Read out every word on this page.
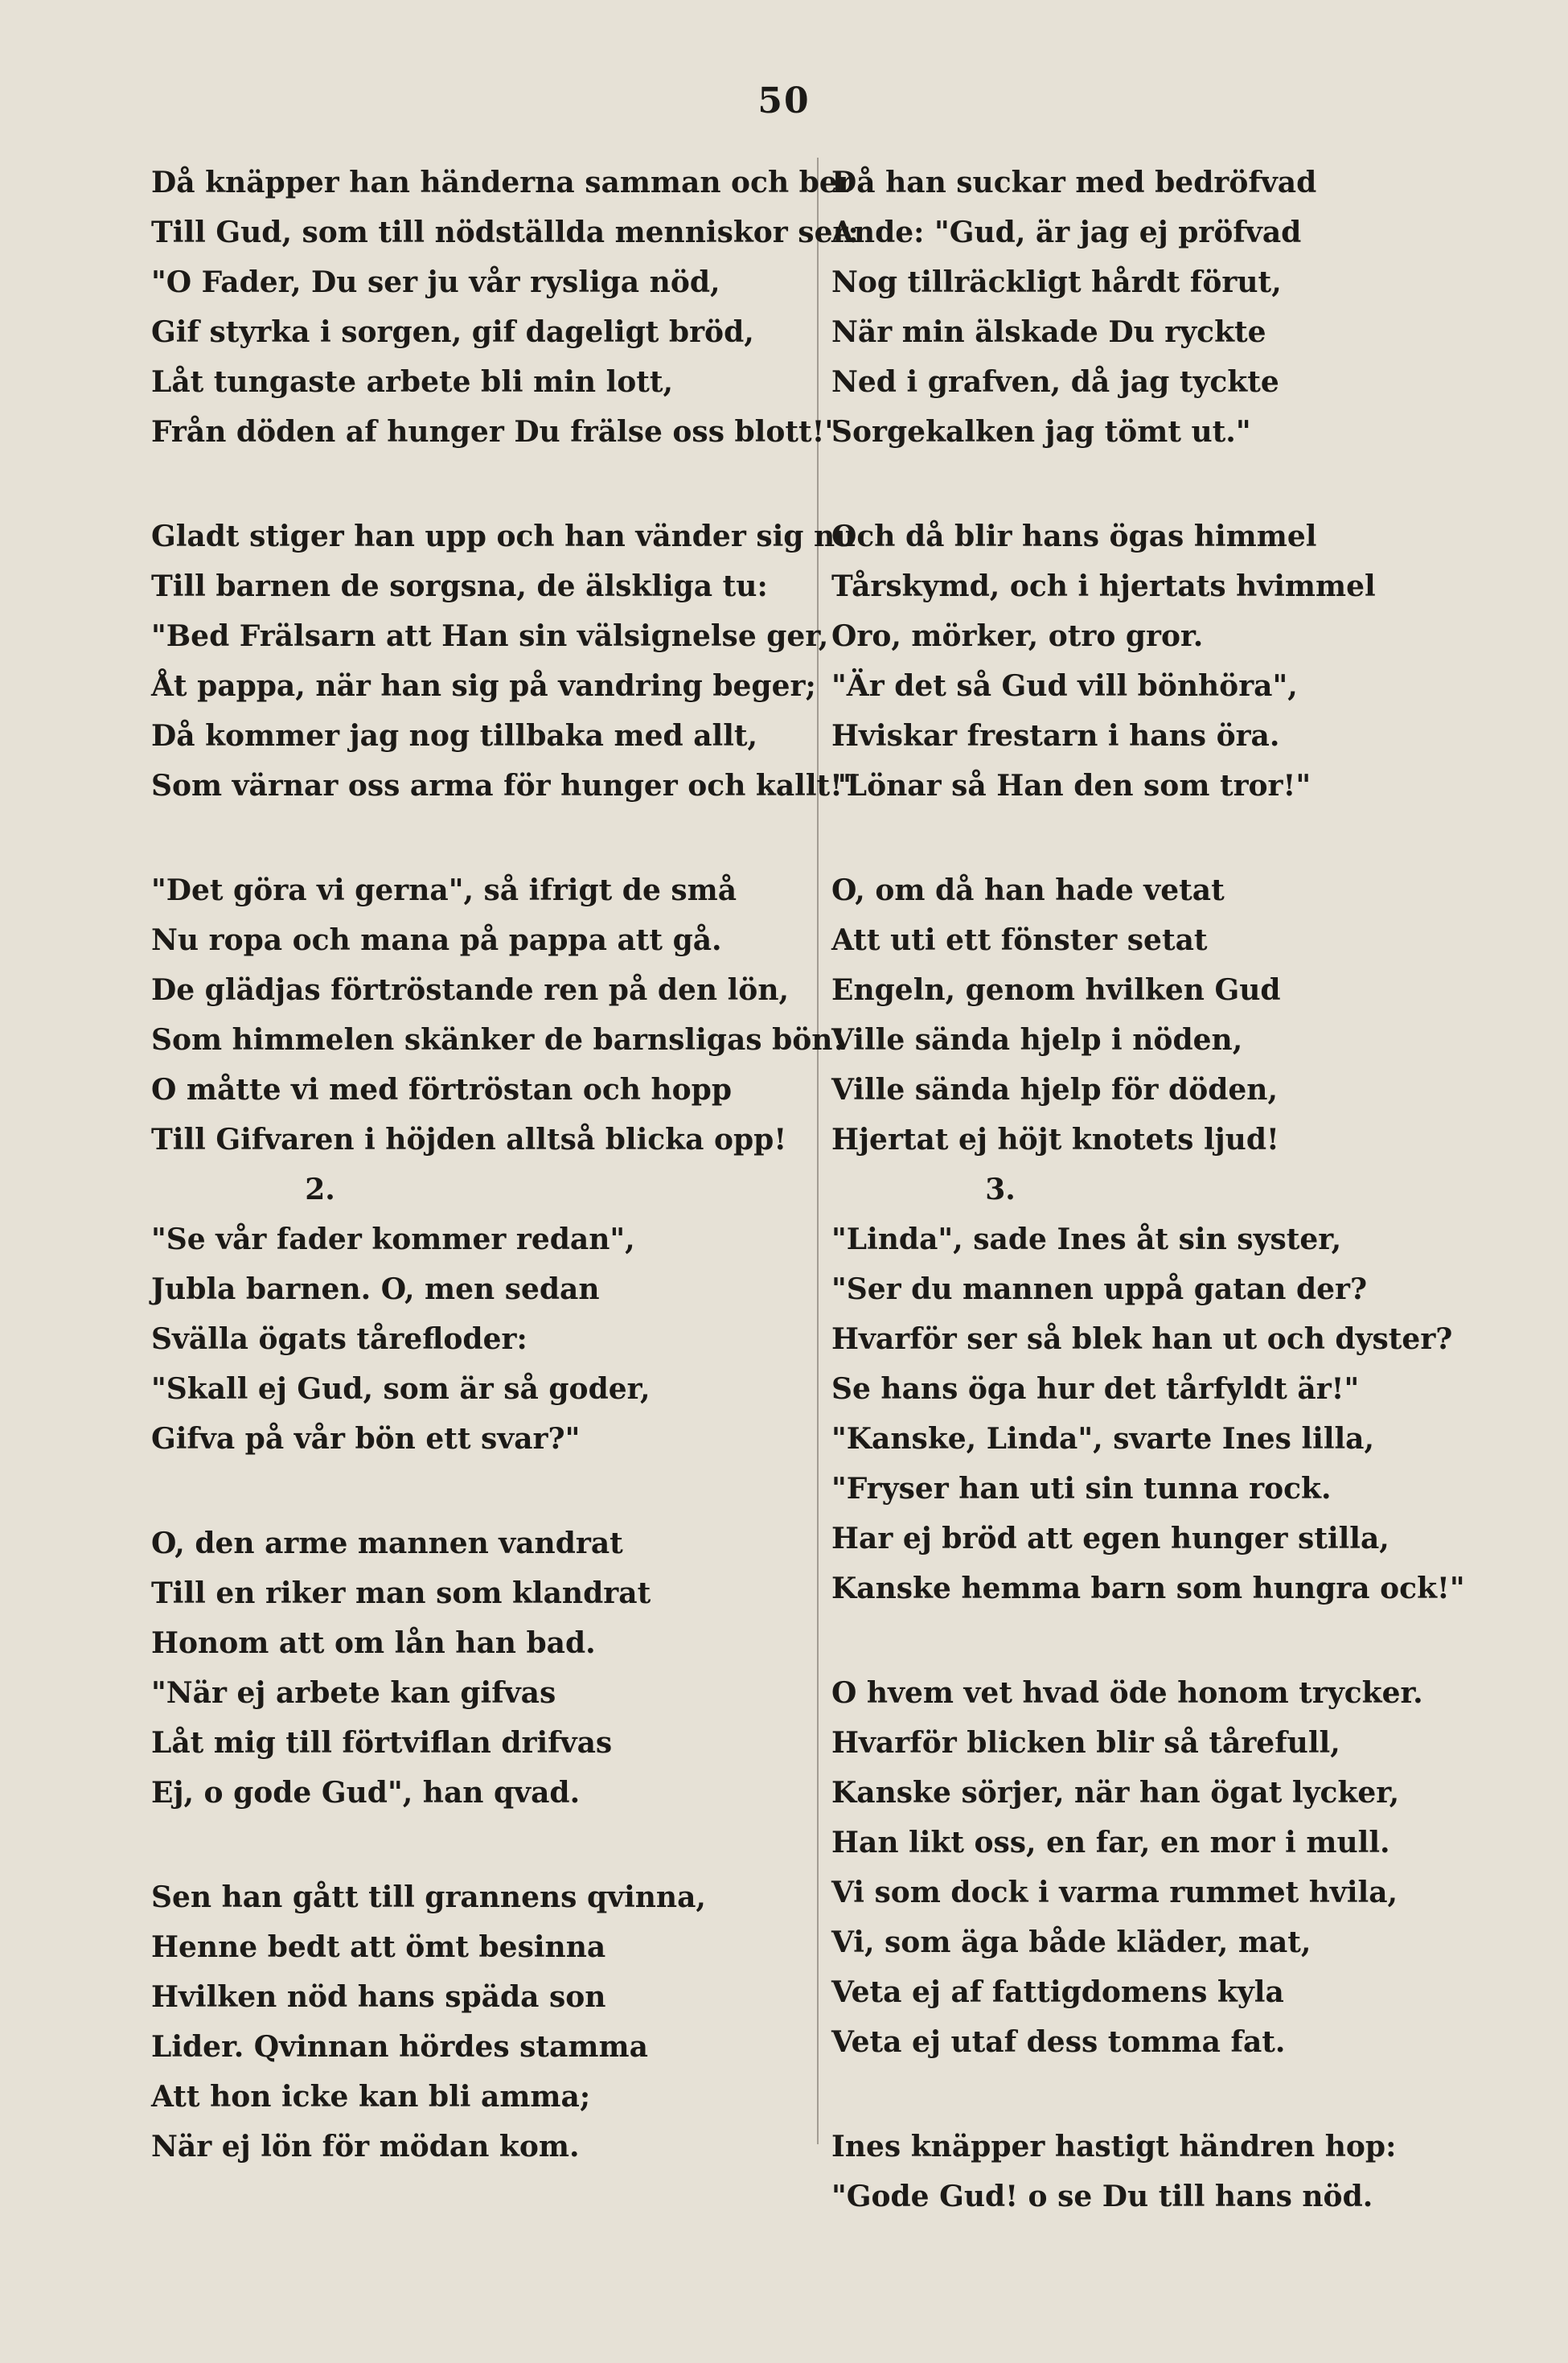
50
Då knäpper han händerna samman och ber
Till Gud, som till nödställda menniskor ser:
"O Fader, Du ser ju vår rysliga nöd,
Gif styrka i sorgen, gif dageligt bröd,
Låt tungaste arbete bli min lott,
Från döden af hunger Du frälse oss blott!"
Gladt stiger han upp och han vänder sig nu
Till barnen de sorgsna, de älskliga tu:
"Bed Frälsarn att Han sin välsignelse ger,
Åt pappa, när han sig på vandring beger;
Då kommer jag nog tillbaka med allt,
Som värnar oss arma för hunger och kallt!"
"Det göra vi gerna", så ifrigt de små
Nu ropa och mana på pappa att gå.
De glädjas förtröstande ren på den lön,
Som himmelen skänker de barnsligas bön!
O måtte vi med förtröstan och hopp
Till Gifvaren i höjden alltså blicka opp!
2.
"Se vår fader kommer redan",
Jubla barnen. O, men sedan
Svälla ögats tårefloder:
"Skall ej Gud, som är så goder,
Gifva på vår bön ett svar?"
O, den arme mannen vandrat
Till en riker man som klandrat
Honom att om lån han bad.
"När ej arbete kan gifvas
Låt mig till förtviflan drifvas
Ej, o gode Gud", han qvad.
Sen han gått till grannens qvinna,
Henne bedt att ömt besinna
Hvilken nöd hans späda son
Lider. Qvinnan hördes stamma
Att hon icke kan bli amma;
När ej lön för mödan kom.
Då han suckar med bedröfvad
Ande: "Gud, är jag ej pröfvad
Nog tillräckligt hårdt förut,
När min älskade Du ryckte
Ned i grafven, då jag tyckte
Sorgekalken jag tömt ut."
Och då blir hans ögas himmel
Tårskymd, och i hjertats hvimmel
Oro, mörker, otro gror.
"Är det så Gud vill bönhöra",
Hviskar frestarn i hans öra.
"Lönar så Han den som tror!"
O, om då han hade vetat
Att uti ett fönster setat
Engeln, genom hvilken Gud
Ville sända hjelp i nöden,
Ville sända hjelp för döden,
Hjertat ej höjt knotets ljud!
3.
"Linda", sade Ines åt sin syster,
"Ser du mannen uppå gatan der?
Hvarför ser så blek han ut och dyster?
Se hans öga hur det tårfyldt är!"
"Kanske, Linda", svarte Ines lilla,
"Fryser han uti sin tunna rock.
Har ej bröd att egen hunger stilla,
Kanske hemma barn som hungra ock!"
O hvem vet hvad öde honom trycker.
Hvarför blicken blir så tårefull,
Kanske sörjer, när han ögat lycker,
Han likt oss, en far, en mor i mull.
Vi som dock i varma rummet hvila,
Vi, som äga både kläder, mat,
Veta ej af fattigdomens kyla
Veta ej utaf dess tomma fat.
Ines knäpper hastigt händren hop:
"Gode Gud! o se Du till hans nöd.
